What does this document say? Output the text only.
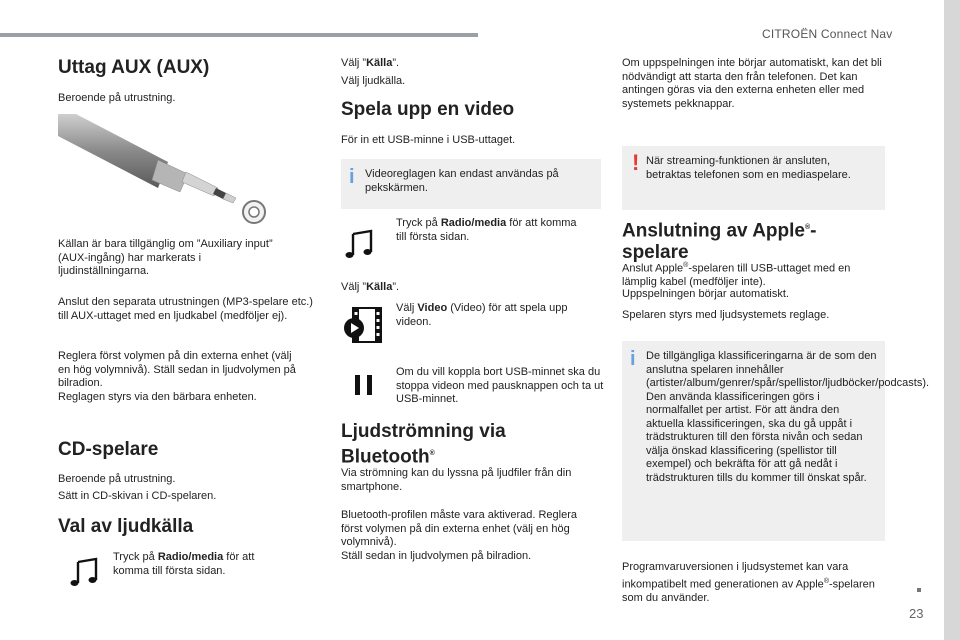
CITROËN Connect Nav
23
Uttag AUX (AUX)

Beroende på utrustning.

Källan är bara tillgänglig om ”Auxiliary input” (AUX-ingång) har markerats i ljudinställningarna.

Anslut den separata utrustningen (MP3-spelare etc.) till AUX-uttaget med en ljudkabel (medföljer ej).

Reglera först volymen på din externa enhet (välj en hög volymnivå). Ställ sedan in ljudvolymen på bilradion.

Reglagen styrs via den bärbara enheten.

CD-spelare

Beroende på utrustning.

Sätt in CD-skivan i CD-spelaren.

Val av ljudkälla

Tryck på Radio/media för att komma till första sidan.

Välj ”Källa”.

Välj ljudkälla.

Spela upp en video

För in ett USB-minne i USB-uttaget.

i Videoreglagen kan endast användas på pekskärmen.

Tryck på Radio/media för att komma till första sidan.

Välj ”Källa”.

Välj Video (Video) för att spela upp videon.

Om du vill koppla bort USB-minnet ska du stoppa videon med pausknappen och ta ut USB-minnet.

Ljudströmning via
Bluetooth®

Via strömning kan du lyssna på ljudfiler från din smartphone.

Bluetooth-profilen måste vara aktiverad. Reglera först volymen på din externa enhet (välj en hög volymnivå).

Ställ sedan in ljudvolymen på bilradion.

Om uppspelningen inte börjar automatiskt, kan det bli nödvändigt att starta den från telefonen. Det kan antingen göras via den externa enheten eller med systemets pekknappar.

! När streaming-funktionen är ansluten, betraktas telefonen som en mediaspelare.
Anslutning av Apple®-
spelare

Anslut Apple®-spelaren till USB-uttaget med en lämplig kabel (medföljer inte).

Uppspelningen börjar automatiskt.

Spelaren styrs med ljudsystemets reglage.

i De tillgängliga klassificeringarna är de som den anslutna spelaren innehåller (artister/album/genrer/spår/spellistor/ljudböcker/podcasts).
Den använda klassificeringen görs i normalfallet per artist. För att ändra den aktuella klassificeringen, ska du gå uppåt i trädstrukturen till den första nivån och sedan välja önskad klassificering (spellistor till exempel) och bekräfta för att gå nedåt i trädstrukturen tills du kommer till önskat spår.

Programvaruversionen i ljudsystemet kan vara inkompatibelt med generationen av Apple®-spelaren som du använder.
